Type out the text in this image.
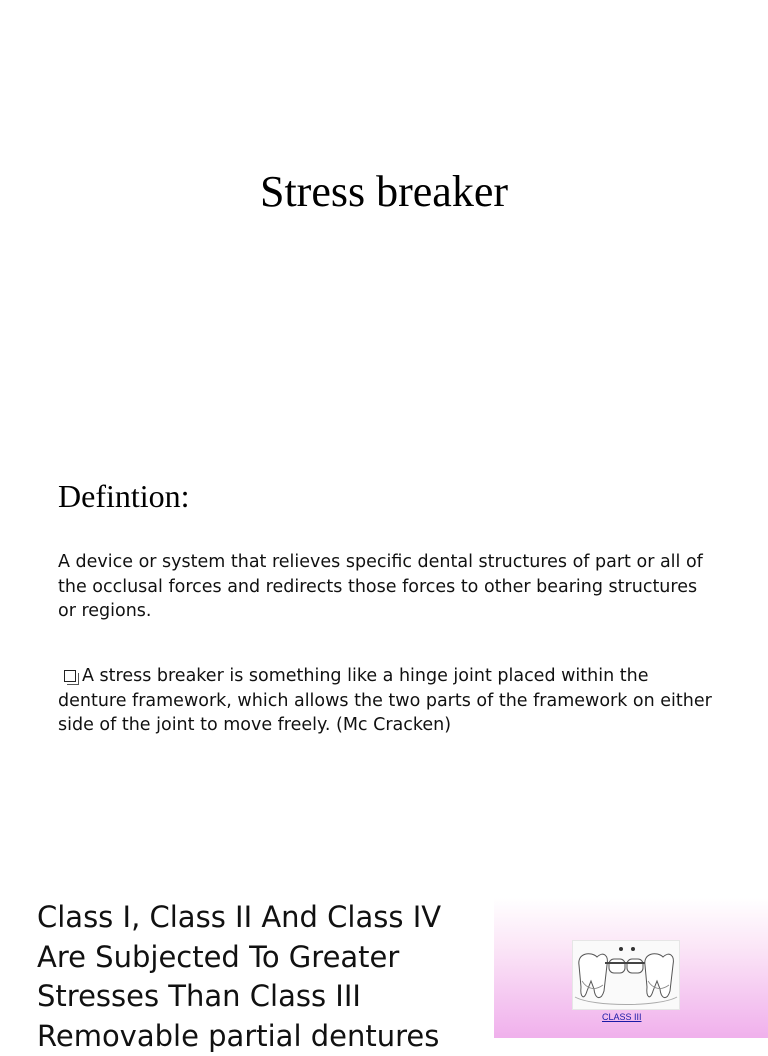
Stress breaker
Defintion:

A device or system that relieves specific dental structures of part or all of the occlusal forces and redirects those forces to other bearing structures or regions.

A stress breaker is something like a hinge joint placed within the denture framework, which allows the two parts of the framework on either side of the joint to move freely. (Mc Cracken)

Class I, Class II And Class IV Are Subjected To Greater Stresses Than Class III Removable partial dentures

CLASS III
